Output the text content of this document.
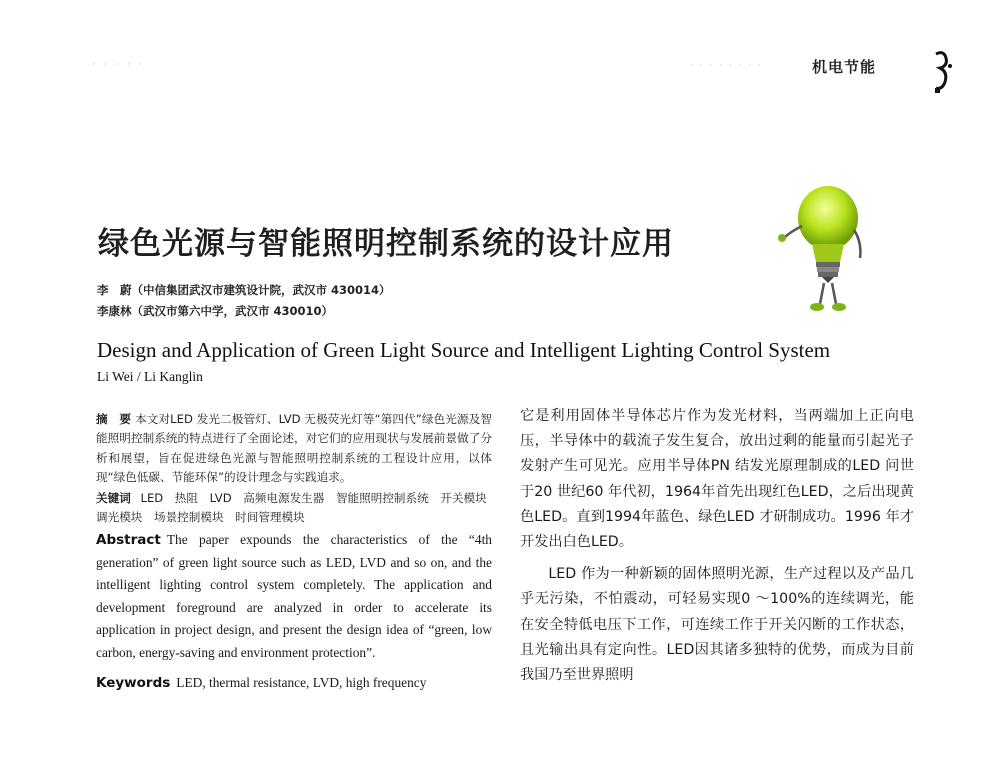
· · · · ·	· · · · · · · ·	机电节能
绿色光源与智能照明控制系统的设计应用
李　蔚（中信集团武汉市建筑设计院，武汉市 430014）
李康林（武汉市第六中学，武汉市 430010）
Design and Application of Green Light Source and Intelligent Lighting Control System
Li Wei / Li Kanglin

摘　要 本文对LED 发光二极管灯、LVD 无极荧光灯等“第四代”绿色光源及智能照明控制系统的特点进行了全面论述，对它们的应用现状与发展前景做了分析和展望，旨在促进绿色光源与智能照明控制系统的工程设计应用，以体现“绿色低碳、节能环保”的设计理念与实践追求。

关键词 LED　热阻　LVD　高频电源发生器　智能照明控制系统　开关模块　调光模块　场景控制模块　时间管理模块

Abstract The paper expounds the characteristics of the “4th generation” of green light source such as LED, LVD and so on, and the intelligent lighting control system completely. The application and development foreground are analyzed in order to accelerate its application in project design, and present the design idea of “green, low carbon, energy-saving and environment protection”.

Keywords LED, thermal resistance, LVD, high frequency

它是利用固体半导体芯片作为发光材料，当两端加上正向电压，半导体中的载流子发生复合，放出过剩的能量而引起光子发射产生可见光。应用半导体PN 结发光原理制成的LED 问世于20 世纪60 年代初，1964年首先出现红色LED，之后出现黄色LED。直到1994年蓝色、绿色LED 才研制成功。1996 年才开发出白色LED。

LED 作为一种新颖的固体照明光源，生产过程以及产品几乎无污染，不怕震动，可轻易实现0 ～100%的连续调光，能在安全特低电压下工作，可连续工作于开关闪断的工作状态，且光输出具有定向性。LED因其诸多独特的优势，而成为目前我国乃至世界照明
